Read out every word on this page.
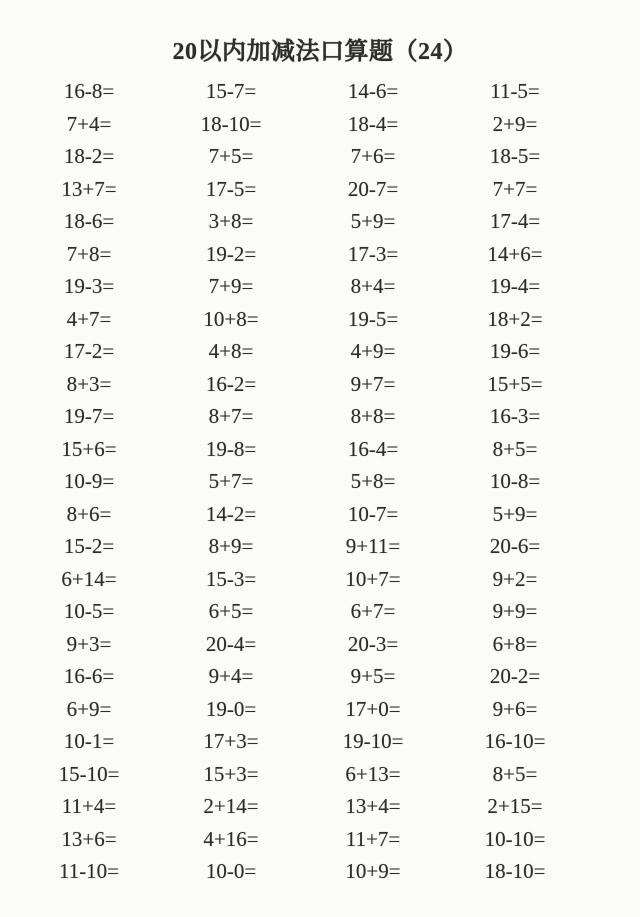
20以内加减法口算题（24）
16-8=	15-7=	14-6=	11-5=
7+4=	18-10=	18-4=	2+9=
18-2=	7+5=	7+6=	18-5=
13+7=	17-5=	20-7=	7+7=
18-6=	3+8=	5+9=	17-4=
7+8=	19-2=	17-3=	14+6=
19-3=	7+9=	8+4=	19-4=
4+7=	10+8=	19-5=	18+2=
17-2=	4+8=	4+9=	19-6=
8+3=	16-2=	9+7=	15+5=
19-7=	8+7=	8+8=	16-3=
15+6=	19-8=	16-4=	8+5=
10-9=	5+7=	5+8=	10-8=
8+6=	14-2=	10-7=	5+9=
15-2=	8+9=	9+11=	20-6=
6+14=	15-3=	10+7=	9+2=
10-5=	6+5=	6+7=	9+9=
9+3=	20-4=	20-3=	6+8=
16-6=	9+4=	9+5=	20-2=
6+9=	19-0=	17+0=	9+6=
10-1=	17+3=	19-10=	16-10=
15-10=	15+3=	6+13=	8+5=
11+4=	2+14=	13+4=	2+15=
13+6=	4+16=	11+7=	10-10=
11-10=	10-0=	10+9=	18-10=
